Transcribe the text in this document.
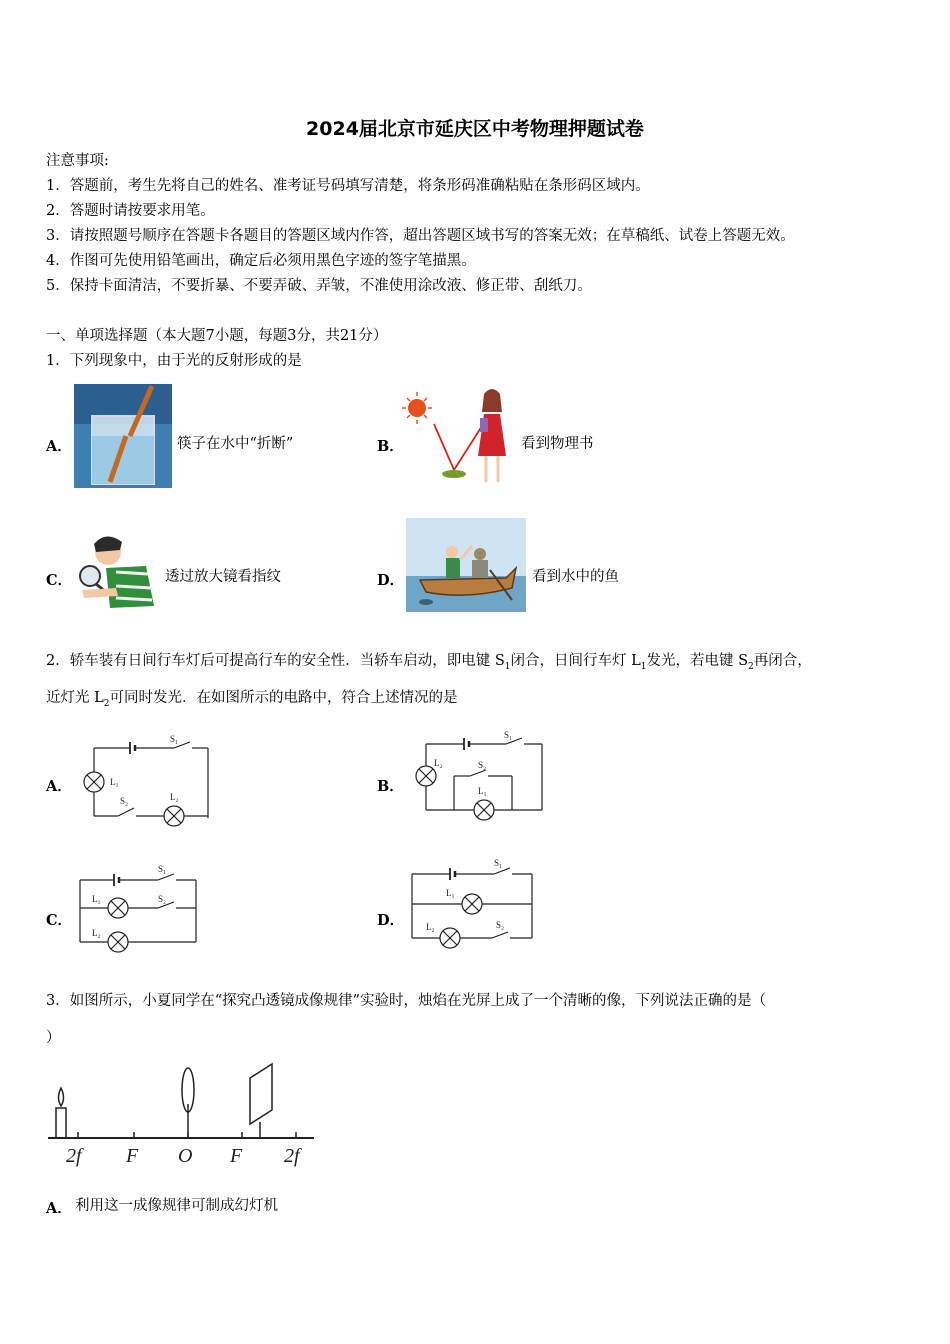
2024届北京市延庆区中考物理押题试卷
注意事项:
1．答题前，考生先将自己的姓名、准考证号码填写清楚，将条形码准确粘贴在条形码区域内。
2．答题时请按要求用笔。
3．请按照题号顺序在答题卡各题目的答题区域内作答，超出答题区域书写的答案无效；在草稿纸、试卷上答题无效。
4．作图可先使用铅笔画出，确定后必须用黑色字迹的签字笔描黑。
5．保持卡面清洁，不要折暴、不要弄破、弄皱，不准使用涂改液、修正带、刮纸刀。
一、单项选择题（本大题7小题，每题3分，共21分）
1．下列现象中，由于光的反射形成的是
A．	筷子在水中“折断”	B．	看到物理书
C．	透过放大镜看指纹	D．	看到水中的鱼
2．轿车装有日间行车灯后可提高行车的安全性．当轿车启动，即电键 $S_1$闭合，日间行车灯 $L_1$发光，若电键 $S_2$再闭合，
近灯光 $L_2$可同时发光．在如图所示的电路中，符合上述情况的是
A．
S₁
L₁
S₂	L₂
B．
S₁
L₂	S₂
L₁
C．
S₁
L₁	S₂
L₂
D．
S₁
L₁
L₂	S₂
3．如图所示，小夏同学在“探究凸透镜成像规律”实验时，烛焰在光屏上成了一个清晰的像，下列说法正确的是（
）
2f F O F 2f
A． 利用这一成像规律可制成幻灯机
